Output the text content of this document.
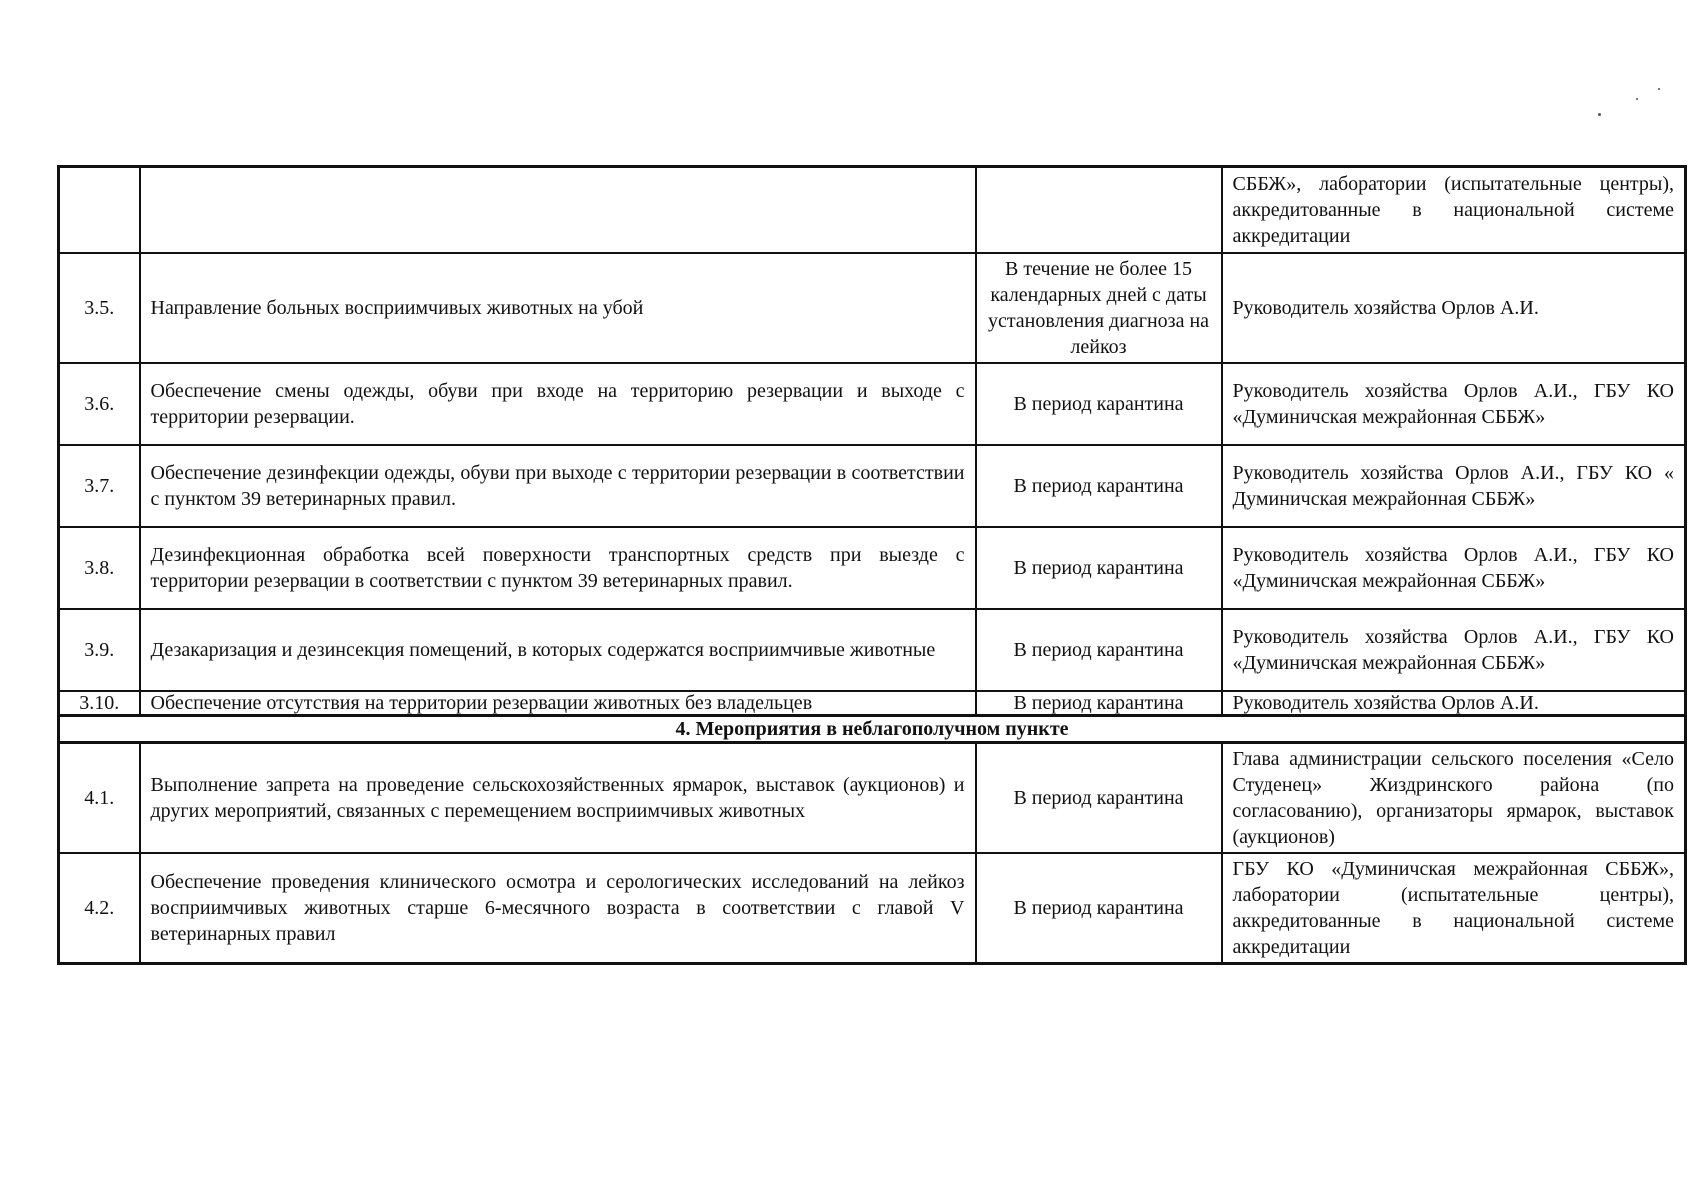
			СББЖ», лаборатории (испытательные центры), аккредитованные в национальной системе аккредитации
3.5.	Направление больных восприимчивых животных на убой	В течение не более 15 календарных дней с даты установления диагноза на лейкоз	Руководитель хозяйства Орлов А.И.
3.6.	Обеспечение смены одежды, обуви при входе на территорию резервации и выходе с территории резервации.	В период карантина	Руководитель хозяйства Орлов А.И., ГБУ КО «Думиничская межрайонная СББЖ»
3.7.	Обеспечение дезинфекции одежды, обуви при выходе с территории резервации в соответствии с пунктом 39 ветеринарных правил.	В период карантина	Руководитель хозяйства Орлов А.И., ГБУ КО « Думиничская межрайонная СББЖ»
3.8.	Дезинфекционная обработка всей поверхности транспортных средств при выезде с территории резервации в соответствии с пунктом 39 ветеринарных правил.	В период карантина	Руководитель хозяйства Орлов А.И., ГБУ КО «Думиничская межрайонная СББЖ»
3.9.	Дезакаризация и дезинсекция помещений, в которых содержатся восприимчивые животные	В период карантина	Руководитель хозяйства Орлов А.И., ГБУ КО «Думиничская межрайонная СББЖ»
3.10.	Обеспечение отсутствия на территории резервации животных без владельцев	В период карантина	Руководитель хозяйства Орлов А.И.
4. Мероприятия в неблагополучном пункте			
4.1.	Выполнение запрета на проведение сельскохозяйственных ярмарок, выставок (аукционов) и других мероприятий, связанных с перемещением восприимчивых животных	В период карантина	Глава администрации сельского поселения «Село Студенец» Жиздринского района (по согласованию), организаторы ярмарок, выставок (аукционов)
4.2.	Обеспечение проведения клинического осмотра и серологических исследований на лейкоз восприимчивых животных старше 6-месячного возраста в соответствии с главой V ветеринарных правил	В период карантина	ГБУ КО «Думиничская межрайонная СББЖ», лаборатории (испытательные центры), аккредитованные в национальной системе аккредитации
